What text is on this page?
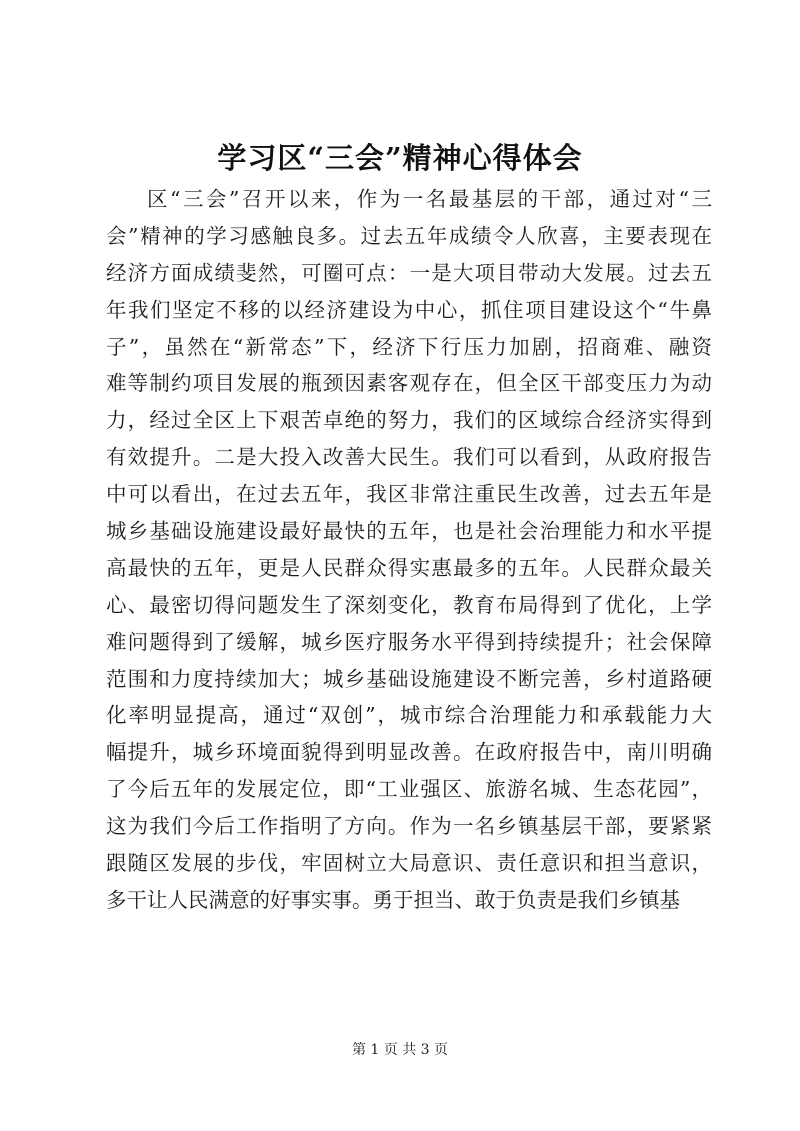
学习区“三会”精神心得体会
区“三会”召开以来，作为一名最基层的干部，通过对“三
会”精神的学习感触良多。过去五年成绩令人欣喜，主要表现在
经济方面成绩斐然，可圈可点：一是大项目带动大发展。过去五
年我们坚定不移的以经济建设为中心，抓住项目建设这个“牛鼻
子”，虽然在“新常态”下，经济下行压力加剧，招商难、融资
难等制约项目发展的瓶颈因素客观存在，但全区干部变压力为动
力，经过全区上下艰苦卓绝的努力，我们的区域综合经济实得到
有效提升。二是大投入改善大民生。我们可以看到，从政府报告
中可以看出，在过去五年，我区非常注重民生改善，过去五年是
城乡基础设施建设最好最快的五年，也是社会治理能力和水平提
高最快的五年，更是人民群众得实惠最多的五年。人民群众最关
心、最密切得问题发生了深刻变化，教育布局得到了优化，上学
难问题得到了缓解，城乡医疗服务水平得到持续提升；社会保障
范围和力度持续加大；城乡基础设施建设不断完善，乡村道路硬
化率明显提高，通过“双创”，城市综合治理能力和承载能力大
幅提升，城乡环境面貌得到明显改善。在政府报告中，南川明确
了今后五年的发展定位，即“工业强区、旅游名城、生态花园”，
这为我们今后工作指明了方向。作为一名乡镇基层干部，要紧紧
跟随区发展的步伐，牢固树立大局意识、责任意识和担当意识，
多干让人民满意的好事实事。勇于担当、敢于负责是我们乡镇基
第 1 页 共 3 页
